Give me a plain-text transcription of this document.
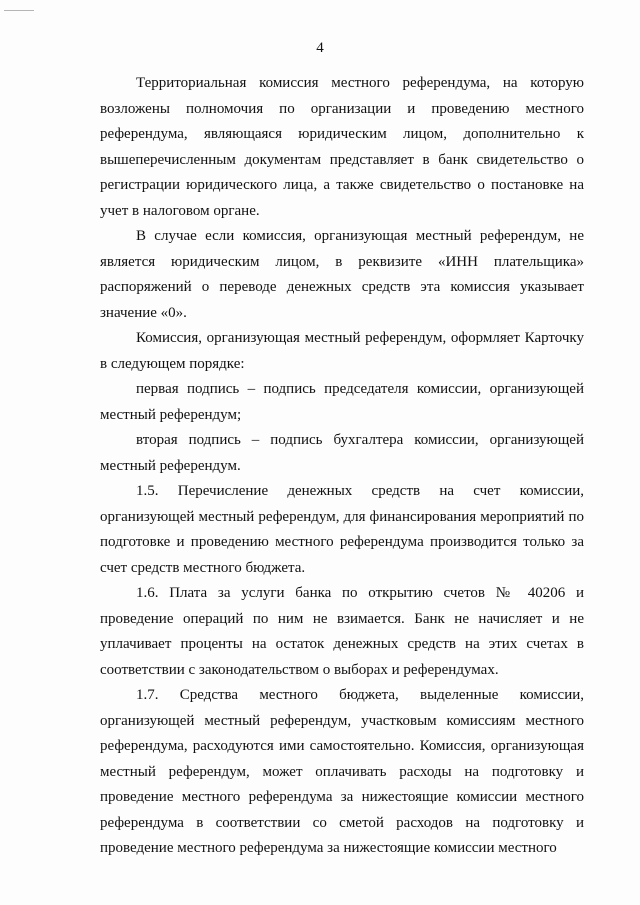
4

Территориальная комиссия местного референдума, на которую возложены полномочия по организации и проведению местного референдума, являющаяся юридическим лицом, дополнительно к вышеперечисленным документам представляет в банк свидетельство о регистрации юридического лица, а также свидетельство о постановке на учет в налоговом органе.

В случае если комиссия, организующая местный референдум, не является юридическим лицом, в реквизите «ИНН плательщика» распоряжений о переводе денежных средств эта комиссия указывает значение «0».

Комиссия, организующая местный референдум, оформляет Карточку в следующем порядке:

первая подпись – подпись председателя комиссии, организующей местный референдум;

вторая подпись – подпись бухгалтера комиссии, организующей местный референдум.

1.5. Перечисление денежных средств на счет комиссии, организующей местный референдум, для финансирования мероприятий по подготовке и проведению местного референдума производится только за счет средств местного бюджета.

1.6. Плата за услуги банка по открытию счетов № 40206 и проведение операций по ним не взимается. Банк не начисляет и не уплачивает проценты на остаток денежных средств на этих счетах в соответствии с законодательством о выборах и референдумах.

1.7. Средства местного бюджета, выделенные комиссии, организующей местный референдум, участковым комиссиям местного референдума, расходуются ими самостоятельно. Комиссия, организующая местный референдум, может оплачивать расходы на подготовку и проведение местного референдума за нижестоящие комиссии местного референдума в соответствии со сметой расходов на подготовку и проведение местного референдума за нижестоящие комиссии местного
